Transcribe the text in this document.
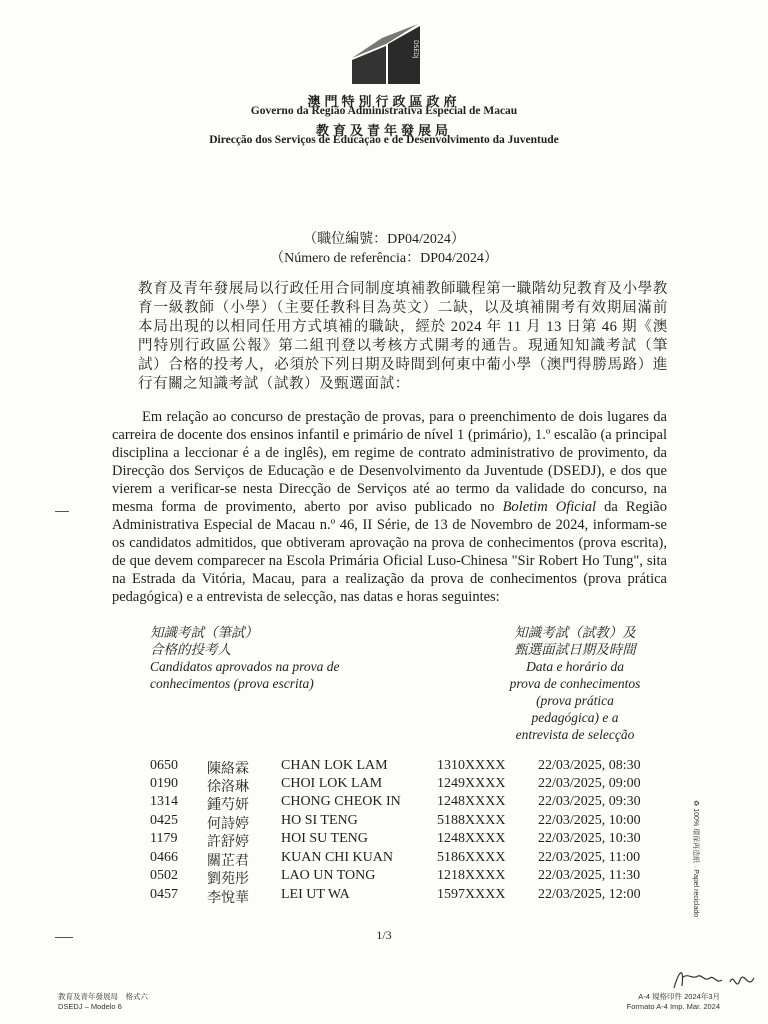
DSEDJ
澳門特別行政區政府
Governo da Região Administrativa Especial de Macau
教育及青年發展局
Direcção dos Serviços de Educação e de Desenvolvimento da Juventude
（職位編號：DP04/2024）
（Número de referência：DP04/2024）
教育及青年發展局以行政任用合同制度填補教師職程第一職階幼兒教育及小學教育一級教師（小學）（主要任教科目為英文）二缺，以及填補開考有效期屆滿前本局出現的以相同任用方式填補的職缺，經於 2024 年 11 月 13 日第 46 期《澳門特別行政區公報》第二組刊登以考核方式開考的通告。現通知知識考試（筆試）合格的投考人，必須於下列日期及時間到何東中葡小學（澳門得勝馬路）進行有關之知識考試（試教）及甄選面試：
Em relação ao concurso de prestação de provas, para o preenchimento de dois lugares da carreira de docente dos ensinos infantil e primário de nível 1 (primário), 1.º escalão (a principal disciplina a leccionar é a de inglês), em regime de contrato administrativo de provimento, da Direcção dos Serviços de Educação e de Desenvolvimento da Juventude (DSEDJ), e dos que vierem a verificar-se nesta Direcção de Serviços até ao termo da validade do concurso, na mesma forma de provimento, aberto por aviso publicado no Boletim Oficial da Região Administrativa Especial de Macau n.º 46, II Série, de 13 de Novembro de 2024, informam-se os candidatos admitidos, que obtiveram aprovação na prova de conhecimentos (prova escrita), de que devem comparecer na Escola Primária Oficial Luso-Chinesa "Sir Robert Ho Tung", sita na Estrada da Vitória, Macau, para a realização da prova de conhecimentos (prova prática pedagógica) e a entrevista de selecção, nas datas e horas seguintes:
知識考試（筆試）
合格的投考人
Candidatos aprovados na prova de
conhecimentos (prova escrita)
知識考試（試教）及
甄選面試日期及時間
Data e horário da
prova de conhecimentos
(prova prática
pedagógica) e a
entrevista de selecção
0650 陳絡霖 CHAN LOK LAM	1310XXXX 22/03/2025, 08:30
0190 徐洛琳 CHOI LOK LAM	1249XXXX 22/03/2025, 09:00
1314 鍾芍妍 CHONG CHEOK IN	1248XXXX 22/03/2025, 09:30
0425 何詩婷 HO SI TENG	5188XXXX 22/03/2025, 10:00
1179 許舒婷 HOI SU TENG	1248XXXX 22/03/2025, 10:30
0466 關芷君 KUAN CHI KUAN	5186XXXX 22/03/2025, 11:00
0502 劉苑彤 LAO UN TONG	1218XXXX 22/03/2025, 11:30
0457 李悅華 LEI UT WA	1597XXXX 22/03/2025, 12:00
♻ 100% 環保再造紙 · Papel reciclado
1/3
教育及青年發展局　格式六
DSEDJ – Modelo 6
A-4 規格印件 2024年3月
Formato A-4 Imp. Mar. 2024
